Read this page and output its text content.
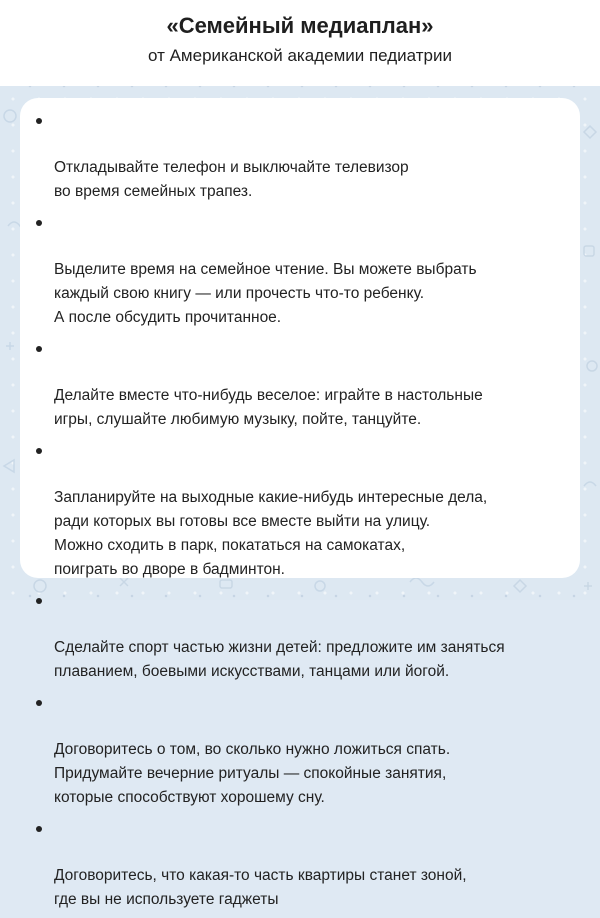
«Семейный медиаплан»
от Американской академии педиатрии

Откладывайте телефон и выключайте телевизор
во время семейных трапез.

Выделите время на семейное чтение. Вы можете выбрать
каждый свою книгу — или прочесть что-то ребенку.
А после обсудить прочитанное.

Делайте вместе что-нибудь веселое: играйте в настольные
игры, слушайте любимую музыку, пойте, танцуйте.

Запланируйте на выходные какие-нибудь интересные дела,
ради которых вы готовы все вместе выйти на улицу.
Можно сходить в парк, покататься на самокатах,
поиграть во дворе в бадминтон.

Сделайте спорт частью жизни детей: предложите им заняться
плаванием, боевыми искусствами, танцами или йогой.

Договоритесь о том, во сколько нужно ложиться спать.
Придумайте вечерние ритуалы — спокойные занятия,
которые способствуют хорошему сну.

Договоритесь, что какая-то часть квартиры станет зоной,
где вы не используете гаджеты
